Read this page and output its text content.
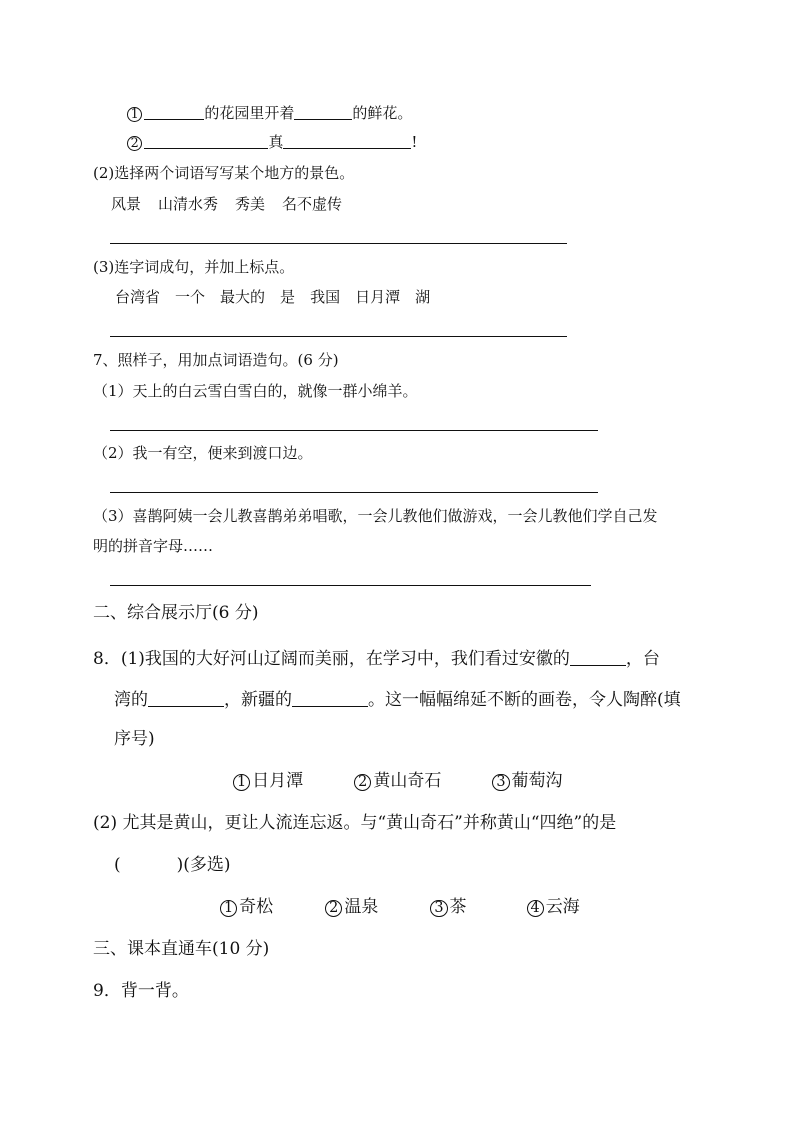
1	的花园里开着	的鲜花。
2	真	!
(2)选择两个词语写写某个地方的景色。
风景 山清水秀 秀美 名不虚传
(3)连字词成句，并加上标点。
台湾省 一个 最大的 是 我国 日月潭 湖
7、照样子，用加点词语造句。(6 分)
（1）天上的白云雪白雪白的，就像一群小绵羊。
（2）我一有空，便来到渡口边。
（3）喜鹊阿姨一会儿教喜鹊弟弟唱歌，一会儿教他们做游戏，一会儿教他们学自己发
明的拼音字母……
二、综合展示厅(6 分)
8．(1)我国的大好河山辽阔而美丽，在学习中，我们看过安徽的	，台
湾的	，新疆的	。这一幅幅绵延不断的画卷，令人陶醉(填
序号)
1 日月潭	2 黄山奇石	3 葡萄沟
(2) 尤其是黄山，更让人流连忘返。与“黄山奇石”并称黄山“四绝”的是
(	)(多选)
1 奇松	2 温泉	3 茶	4 云海
三、课本直通车(10 分)
9．背一背。
